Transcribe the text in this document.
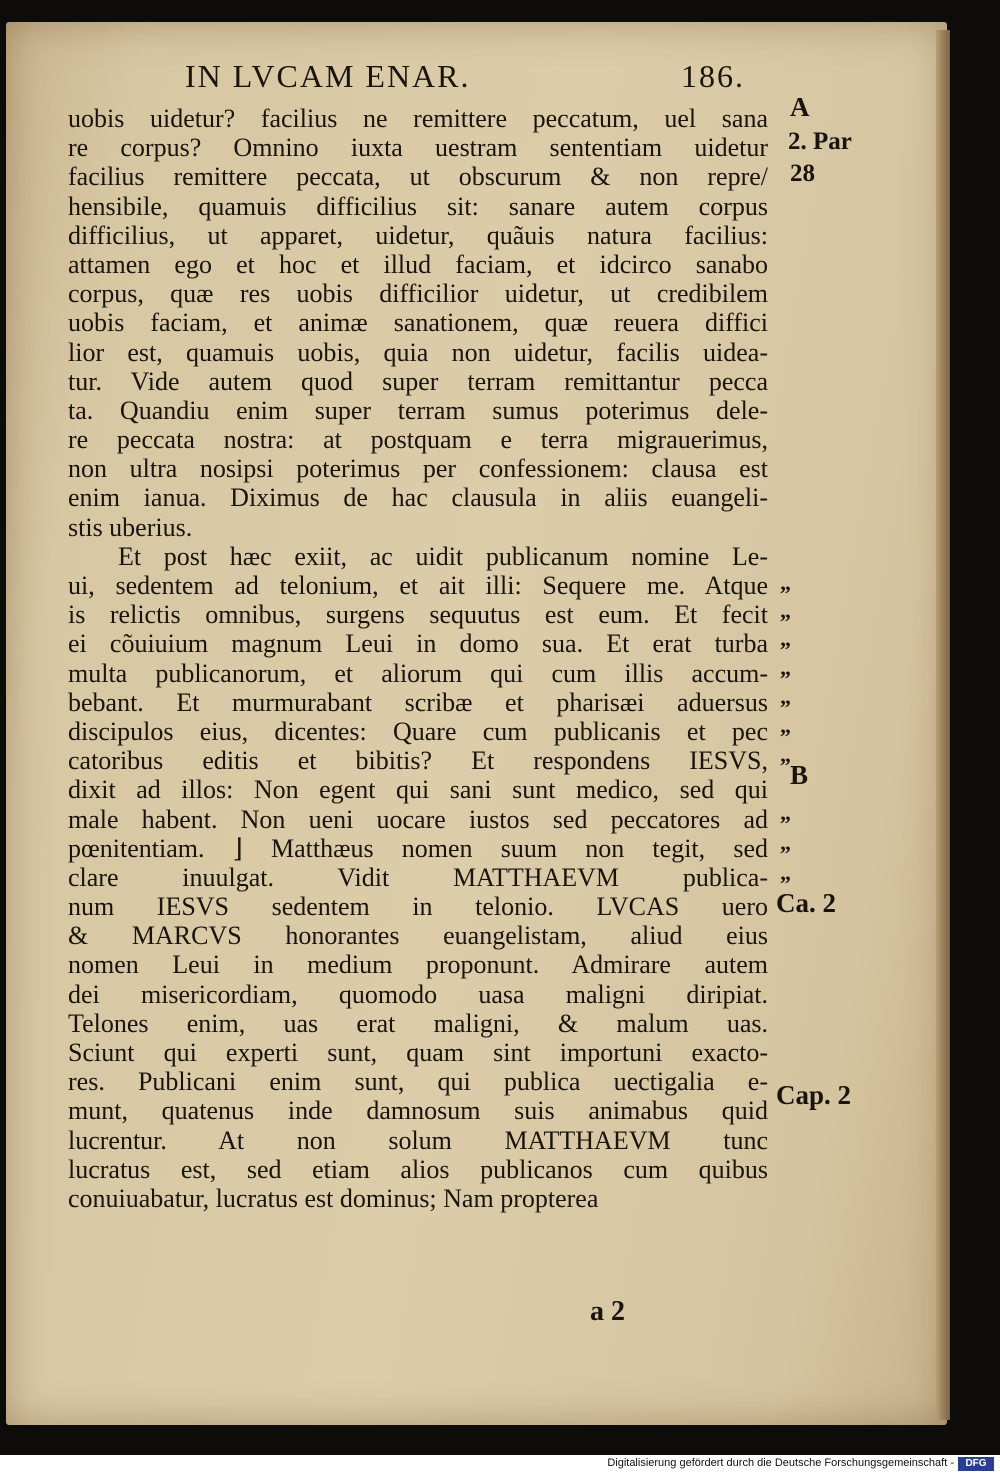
IN LVCAM ENAR.	186.
uobis uidetur? facilius ne remittere peccatum, uel sana
re corpus? Omnino iuxta uestram sententiam uidetur
facilius remittere peccata, ut obscurum & non repre/
hensibile, quamuis difficilius sit: sanare autem corpus
difficilius, ut apparet, uidetur, quãuis natura facilius:
attamen ego et hoc et illud faciam, et idcirco sanabo
corpus, quæ res uobis difficilior uidetur, ut credibilem
uobis faciam, et animæ sanationem, quæ reuera diffici
lior est, quamuis uobis, quia non uidetur, facilis uidea-
tur. Vide autem quod super terram remittantur pecca
ta. Quandiu enim super terram sumus poterimus dele-
re peccata nostra: at postquam e terra migrauerimus,
non ultra nosipsi poterimus per confessionem: clausa est
enim ianua. Diximus de hac clausula in aliis euangeli-
stis uberius.
Et post hæc exiit, ac uidit publicanum nomine Le-
ui, sedentem ad telonium, et ait illi: Sequere me. Atque
is relictis omnibus, surgens sequutus est eum. Et fecit
ei cõuiuium magnum Leui in domo sua. Et erat turba
multa publicanorum, et aliorum qui cum illis accum-
bebant. Et murmurabant scribæ et pharisæi aduersus
discipulos eius, dicentes: Quare cum publicanis et pec
catoribus editis et bibitis? Et respondens IESVS,
dixit ad illos: Non egent qui sani sunt medico, sed qui
male habent. Non ueni uocare iustos sed peccatores ad
pœnitentiam. ⌋ Matthæus nomen suum non tegit, sed
clare inuulgat. Vidit MATTHAEVM publica-
num IESVS sedentem in telonio. LVCAS uero
& MARCVS honorantes euangelistam, aliud eius
nomen Leui in medium proponunt. Admirare autem
dei misericordiam, quomodo uasa maligni diripiat.
Telones enim, uas erat maligni, & malum uas.
Sciunt qui experti sunt, quam sint importuni exacto-
res. Publicani enim sunt, qui publica uectigalia e-
munt, quatenus inde damnosum suis animabus quid
lucrentur. At non solum MATTHAEVM tunc
lucratus est, sed etiam alios publicanos cum quibus
conuiuabatur, lucratus est dominus; Nam propterea
A
2. Par
28
B
Ca. 2
Cap. 2
„
„
„
„
„
„
„
„
„
„
a 2
Digitalisierung gefördert durch die Deutsche Forschungsgemeinschaft -	DFG
